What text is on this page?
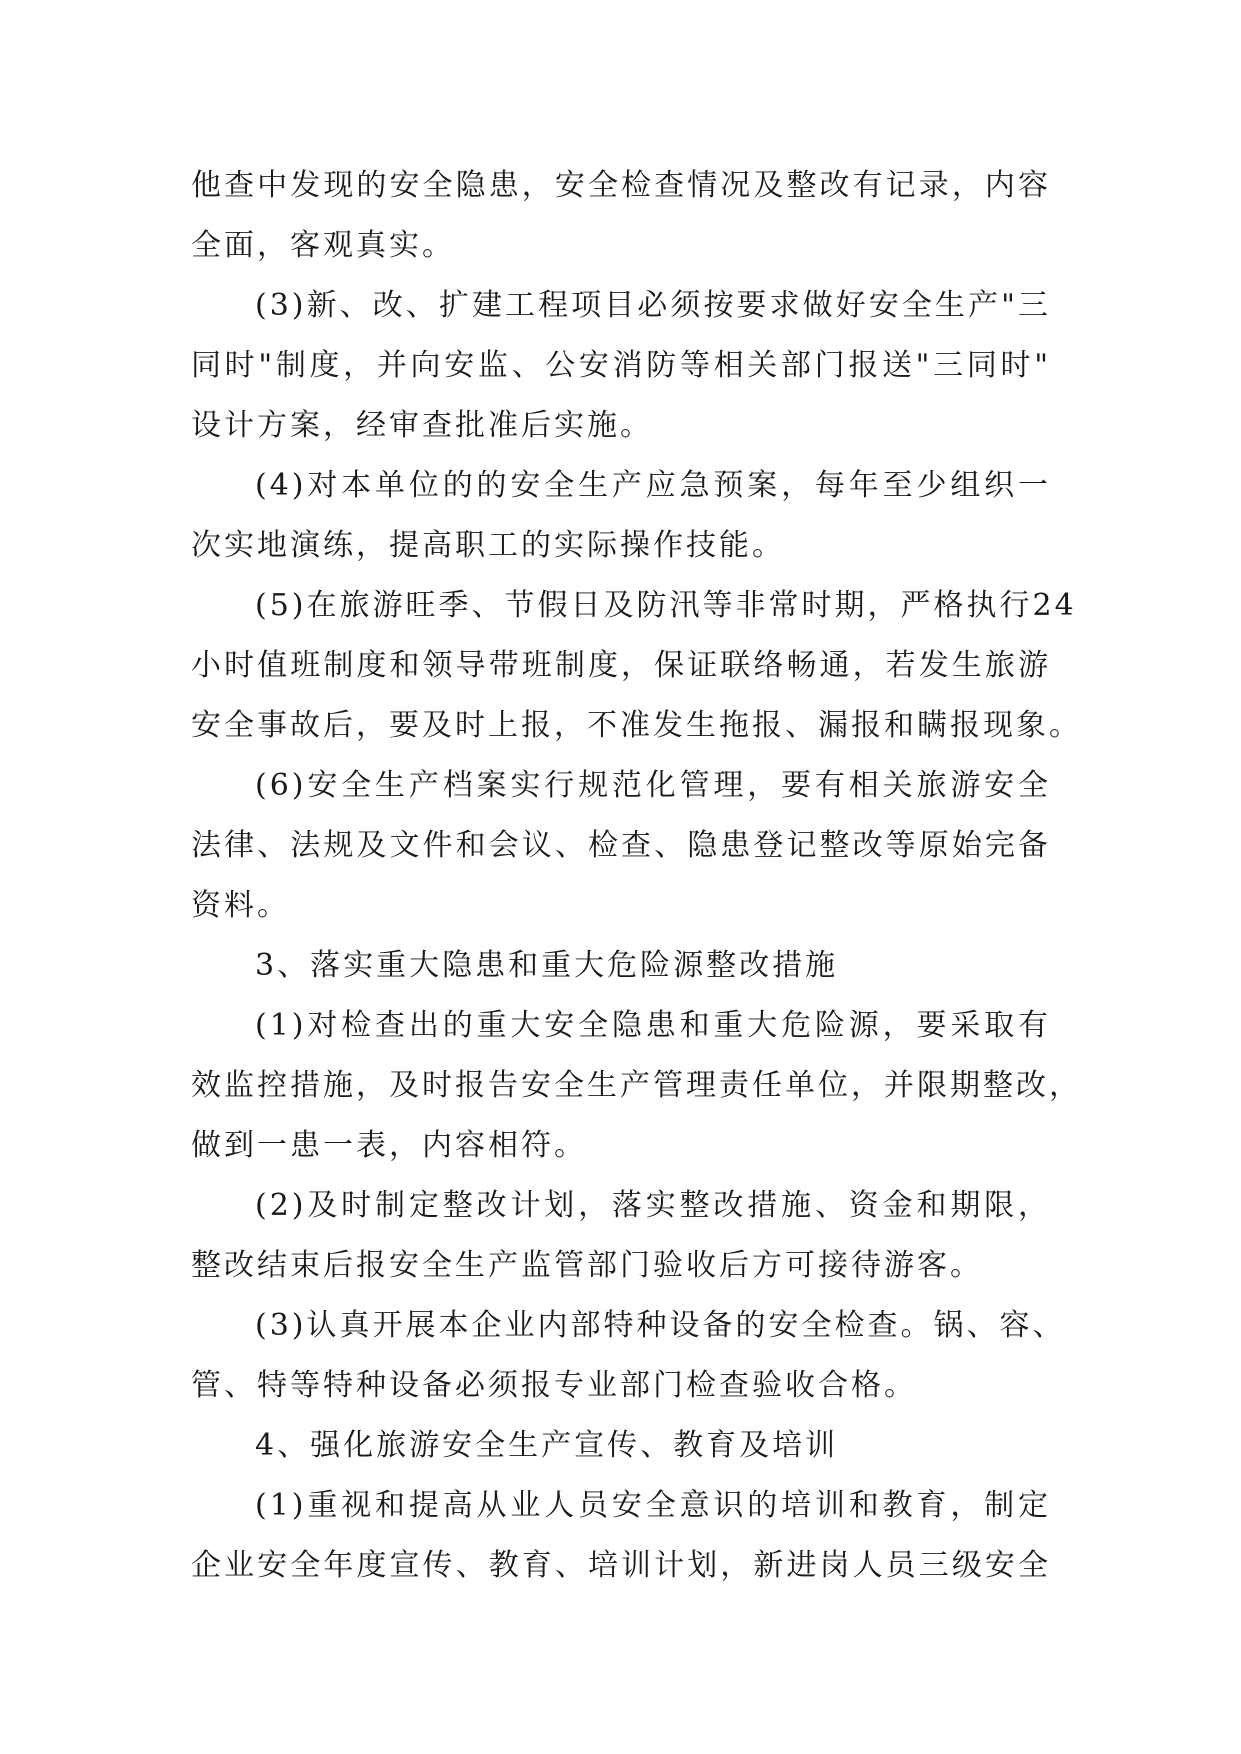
他查中发现的安全隐患，安全检查情况及整改有记录，内容
全面，客观真实。
(3)新、改、扩建工程项目必须按要求做好安全生产"三
同时"制度，并向安监、公安消防等相关部门报送"三同时"
设计方案，经审查批准后实施。
(4)对本单位的的安全生产应急预案，每年至少组织一
次实地演练，提高职工的实际操作技能。
(5)在旅游旺季、节假日及防汛等非常时期，严格执行24
小时值班制度和领导带班制度，保证联络畅通，若发生旅游
安全事故后，要及时上报，不准发生拖报、漏报和瞒报现象。
(6)安全生产档案实行规范化管理，要有相关旅游安全
法律、法规及文件和会议、检查、隐患登记整改等原始完备
资料。
3、落实重大隐患和重大危险源整改措施
(1)对检查出的重大安全隐患和重大危险源，要采取有
效监控措施，及时报告安全生产管理责任单位，并限期整改，
做到一患一表，内容相符。
(2)及时制定整改计划，落实整改措施、资金和期限，
整改结束后报安全生产监管部门验收后方可接待游客。
(3)认真开展本企业内部特种设备的安全检查。锅、容、
管、特等特种设备必须报专业部门检查验收合格。
4、强化旅游安全生产宣传、教育及培训
(1)重视和提高从业人员安全意识的培训和教育，制定
企业安全年度宣传、教育、培训计划，新进岗人员三级安全
